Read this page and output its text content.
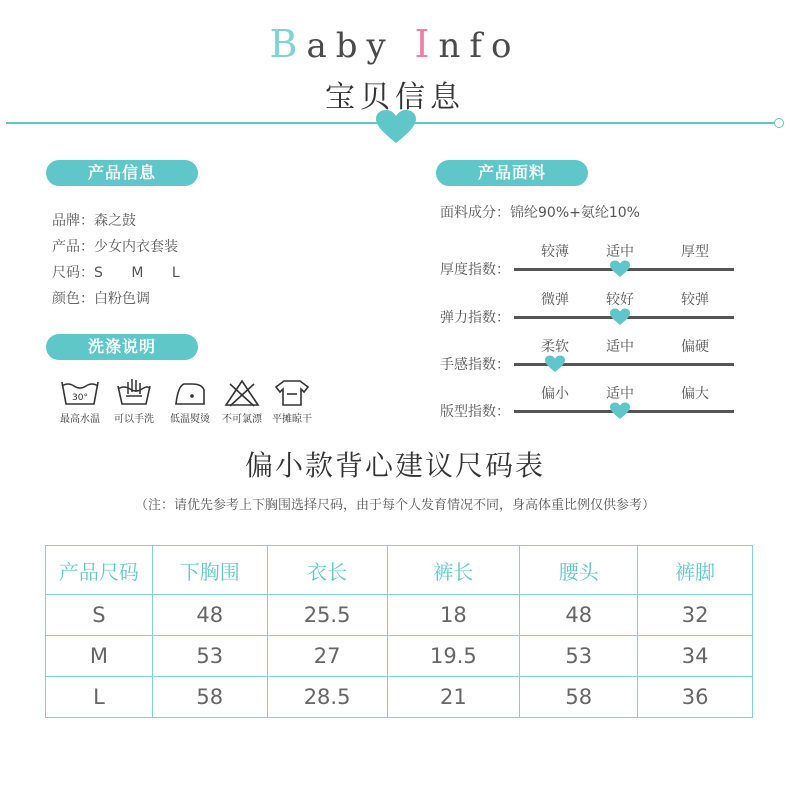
Baby Info
宝贝信息
产品信息
品牌：森之鼓
产品：少女内衣套装
尺码：S M L
颜色：白粉色调
洗涤说明
30°
最高水温	可以手洗	低温熨烫	不可氯漂	平摊晾干
产品面料
面料成分：锦纶90%+氨纶10%
厚度指数：
较薄	适中	厚型
弹力指数：
微弹	较好	较弹
手感指数：
柔软	适中	偏硬
版型指数：
偏小	适中	偏大
偏小款背心建议尺码表
（注：请优先参考上下胸围选择尺码，由于每个人发育情况不同，身高体重比例仅供参考）
产品尺码	下胸围	衣长	裤长	腰头	裤脚
S	48	25.5	18	48	32
M	53	27	19.5	53	34
L	58	28.5	21	58	36
